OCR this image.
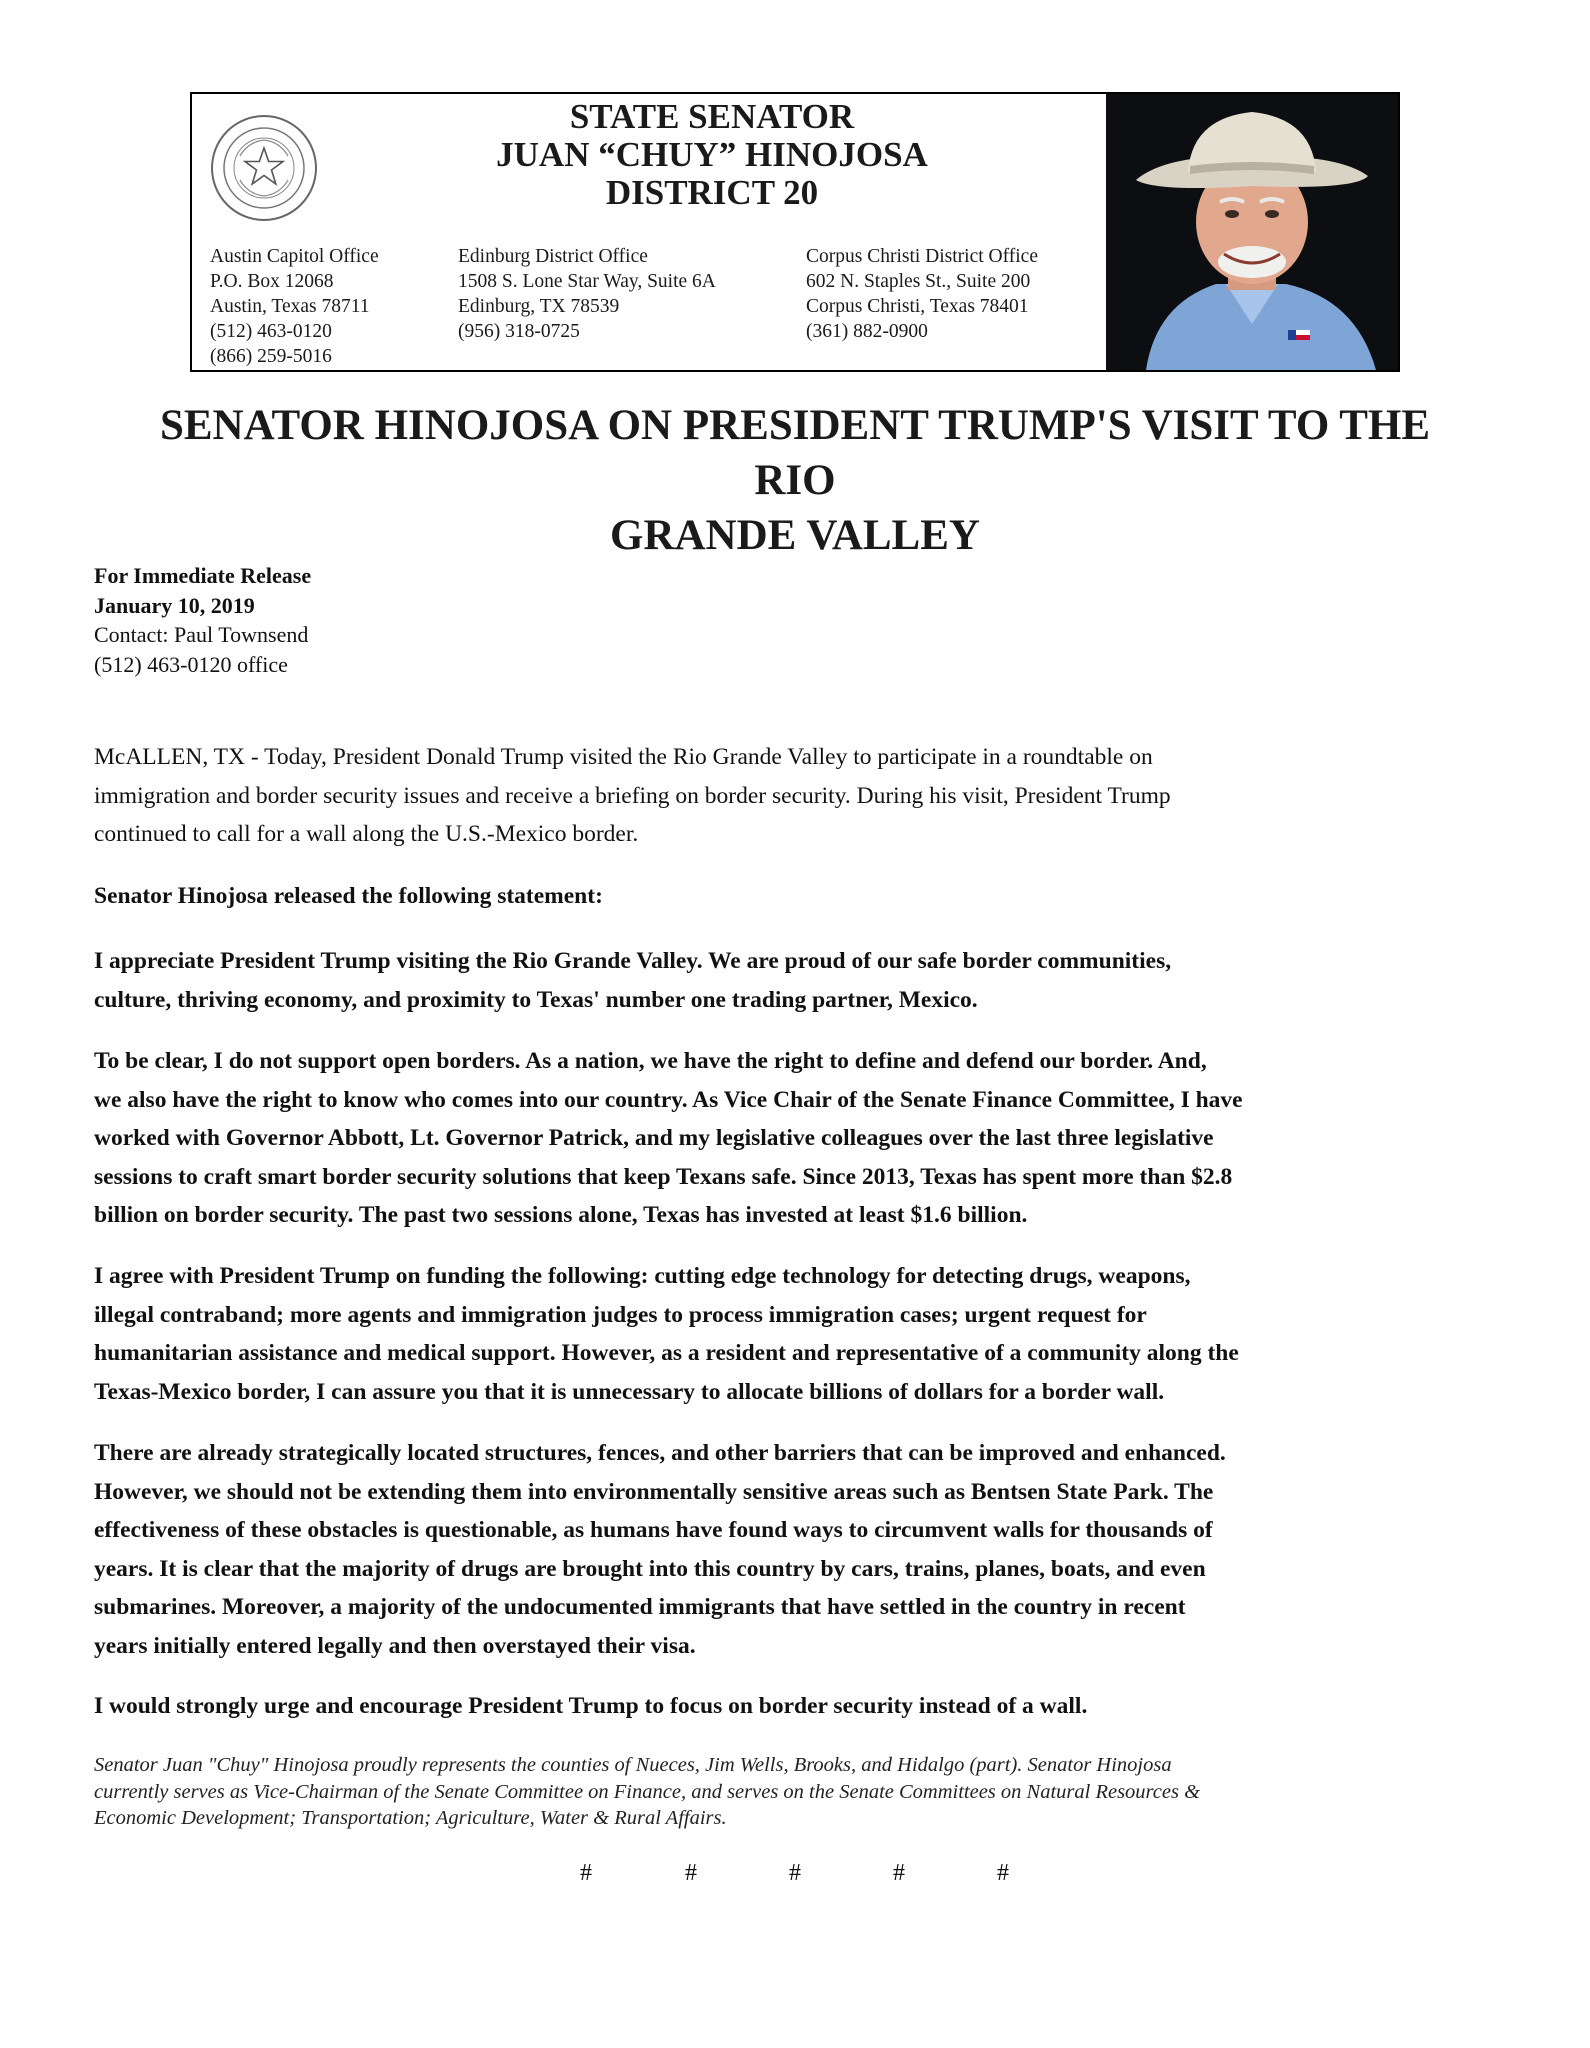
STATE SENATOR
JUAN “CHUY” HINOJOSA
DISTRICT 20
Austin Capitol Office
P.O. Box 12068
Austin, Texas 78711
(512) 463-0120
(866) 259-5016
Edinburg District Office
1508 S. Lone Star Way, Suite 6A
Edinburg, TX 78539
(956) 318-0725
Corpus Christi District Office
602 N. Staples St., Suite 200
Corpus Christi, Texas 78401
(361) 882-0900
SENATOR HINOJOSA ON PRESIDENT TRUMP'S VISIT TO THE RIO
GRANDE VALLEY
For Immediate Release
January 10, 2019
Contact: Paul Townsend
(512) 463-0120 office
McALLEN, TX - Today, President Donald Trump visited the Rio Grande Valley to participate in a roundtable on
immigration and border security issues and receive a briefing on border security. During his visit, President Trump
continued to call for a wall along the U.S.-Mexico border.
Senator Hinojosa released the following statement:
I appreciate President Trump visiting the Rio Grande Valley. We are proud of our safe border communities,
culture, thriving economy, and proximity to Texas' number one trading partner, Mexico.
To be clear, I do not support open borders. As a nation, we have the right to define and defend our border. And,
we also have the right to know who comes into our country. As Vice Chair of the Senate Finance Committee, I have
worked with Governor Abbott, Lt. Governor Patrick, and my legislative colleagues over the last three legislative
sessions to craft smart border security solutions that keep Texans safe. Since 2013, Texas has spent more than $2.8
billion on border security. The past two sessions alone, Texas has invested at least $1.6 billion.
I agree with President Trump on funding the following: cutting edge technology for detecting drugs, weapons,
illegal contraband; more agents and immigration judges to process immigration cases; urgent request for
humanitarian assistance and medical support. However, as a resident and representative of a community along the
Texas-Mexico border, I can assure you that it is unnecessary to allocate billions of dollars for a border wall.
There are already strategically located structures, fences, and other barriers that can be improved and enhanced.
However, we should not be extending them into environmentally sensitive areas such as Bentsen State Park. The
effectiveness of these obstacles is questionable, as humans have found ways to circumvent walls for thousands of
years. It is clear that the majority of drugs are brought into this country by cars, trains, planes, boats, and even
submarines. Moreover, a majority of the undocumented immigrants that have settled in the country in recent
years initially entered legally and then overstayed their visa.
I would strongly urge and encourage President Trump to focus on border security instead of a wall.
Senator Juan "Chuy" Hinojosa proudly represents the counties of Nueces, Jim Wells, Brooks, and Hidalgo (part). Senator Hinojosa
currently serves as Vice-Chairman of the Senate Committee on Finance, and serves on the Senate Committees on Natural Resources &
Economic Development; Transportation; Agriculture, Water & Rural Affairs.
#	#	#	#	#
